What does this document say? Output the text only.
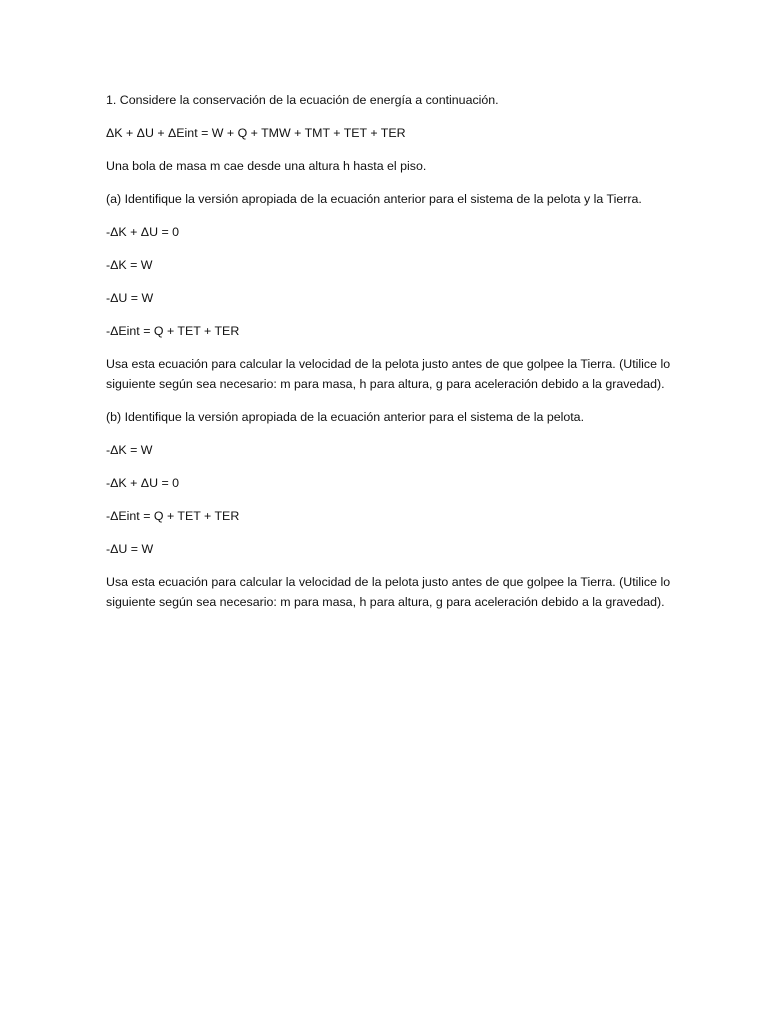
1. Considere la conservación de la ecuación de energía a continuación.

ΔK + ΔU + ΔEint = W + Q + TMW + TMT + TET + TER

Una bola de masa m cae desde una altura h hasta el piso.

(a) Identifique la versión apropiada de la ecuación anterior para el sistema de la pelota y la Tierra.

-ΔK + ΔU = 0

-ΔK = W

-ΔU = W

-ΔEint = Q + TET + TER

Usa esta ecuación para calcular la velocidad de la pelota justo antes de que golpee la Tierra. (Utilice lo siguiente según sea necesario: m para masa, h para altura, g para aceleración debido a la gravedad).

(b) Identifique la versión apropiada de la ecuación anterior para el sistema de la pelota.

-ΔK = W

-ΔK + ΔU = 0

-ΔEint = Q + TET + TER

-ΔU = W

Usa esta ecuación para calcular la velocidad de la pelota justo antes de que golpee la Tierra. (Utilice lo siguiente según sea necesario: m para masa, h para altura, g para aceleración debido a la gravedad).
